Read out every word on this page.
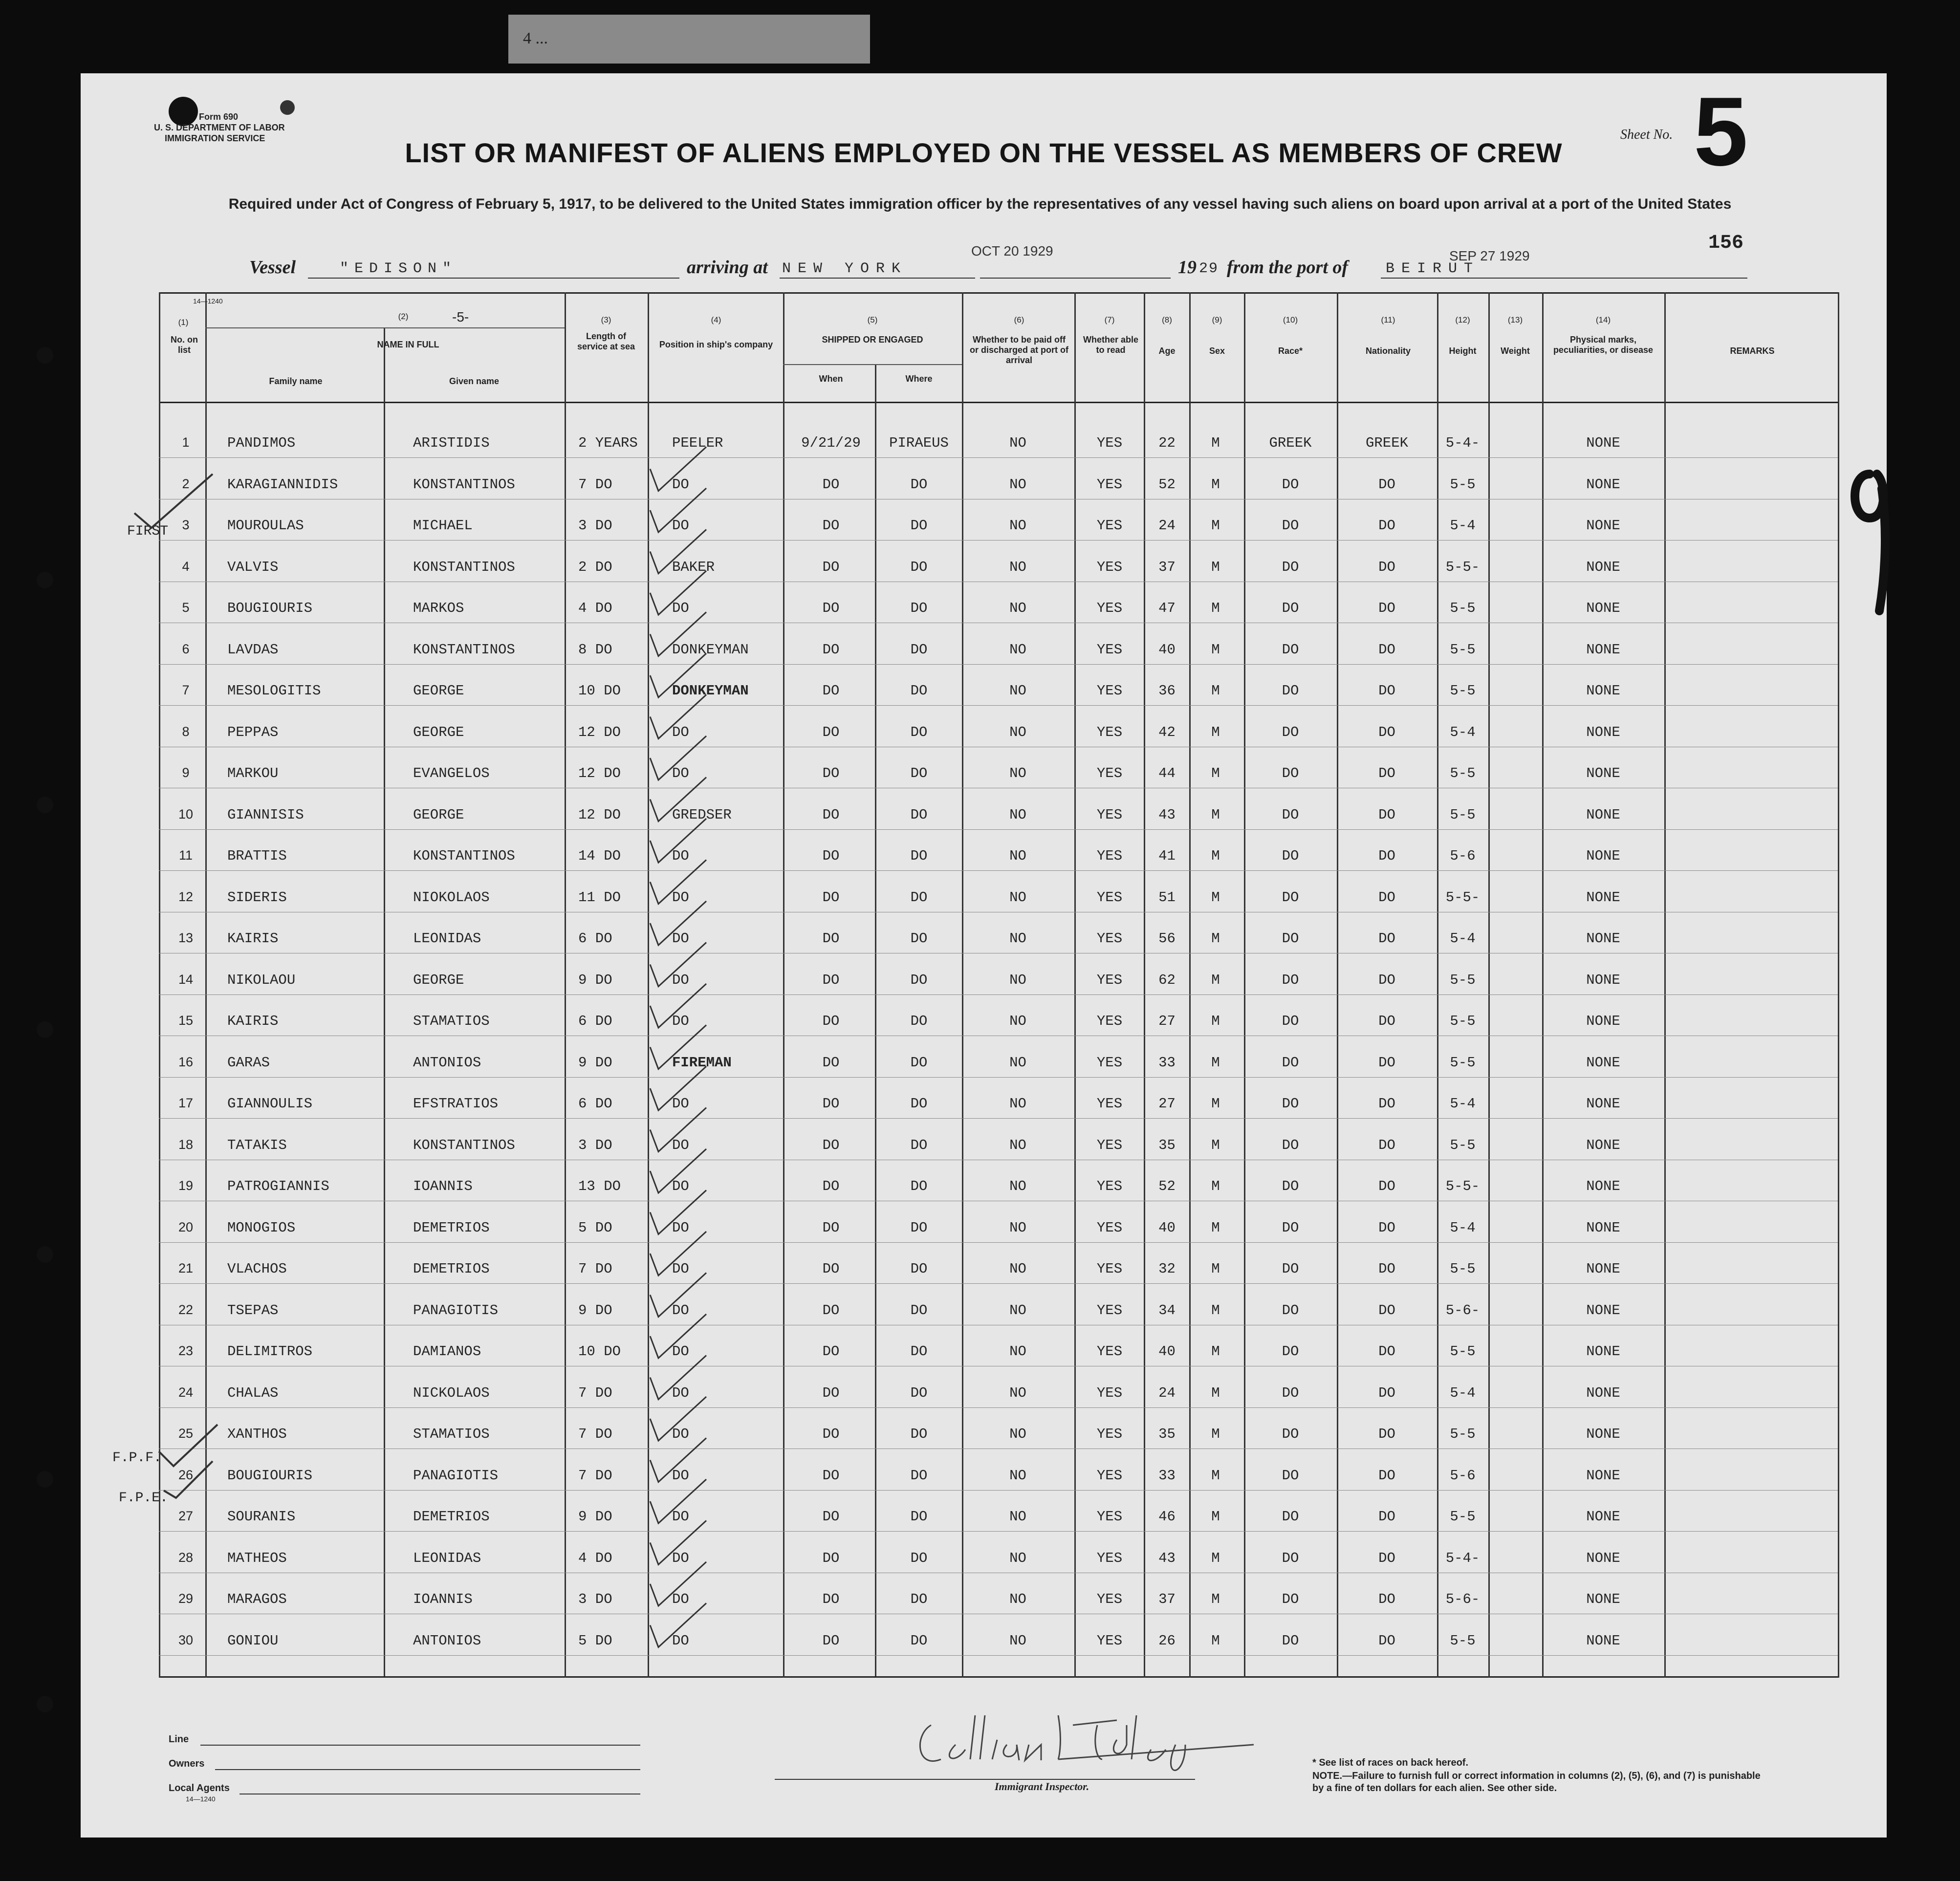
4 ...
Form 690
U. S. DEPARTMENT OF LABOR
IMMIGRATION SERVICE	LIST OR MANIFEST OF ALIENS EMPLOYED ON THE VESSEL AS MEMBERS OF CREW
Required under Act of Congress of February 5, 1917, to be delivered to the United States immigration officer by the representatives of any vessel having such aliens on board upon arrival at a port of the United States
Sheet No. 5
156
Vessel	"EDISON"	arriving at NEW YORK
OCT 20 1929
19 29 from the port of	BEIRUT
SEP 27 1929
14—1240
(1)
No. on list
(2)	-5-
NAME IN FULL
Family name	Given name
(3)
Length of service at sea
(4)
Position in ship's company
(5)
SHIPPED OR ENGAGED
When	Where
(6)
Whether to be paid off or discharged at port of arrival
(7)
Whether able to read
(8)
Age
(9)
Sex
(10)
Race*
(11)
Nationality
(12)
Height
(13)
Weight
(14)
Physical marks, peculiarities, or disease	REMARKS
1	PANDIMOS	ARISTIDIS	2 YEARS PEELER	9/21/29	PIRAEUS	NO	YES	22	M	GREEK	GREEK	5-4-	NONE
2	KARAGIANNIDIS	KONSTANTINOS	7 DO	DO	DO	DO	NO	YES	52	M	DO	DO	5-5	NONE
3	MOUROULAS	MICHAEL	3 DO	DO	DO	DO	NO	YES	24	M	DO	DO	5-4	NONE
4	VALVIS	KONSTANTINOS	2 DO	BAKER	DO	DO	NO	YES	37	M	DO	DO	5-5-	NONE
5	BOUGIOURIS	MARKOS	4 DO	DO	DO	DO	NO	YES	47	M	DO	DO	5-5	NONE
6	LAVDAS	KONSTANTINOS	8 DO	DONKEYMAN	DO	DO	NO	YES	40	M	DO	DO	5-5	NONE
7	MESOLOGITIS	GEORGE	10 DO	DONKEYMAN	DO	DO	NO	YES	36	M	DO	DO	5-5	NONE
8	PEPPAS	GEORGE	12 DO	DO	DO	DO	NO	YES	42	M	DO	DO	5-4	NONE
9	MARKOU	EVANGELOS	12 DO	DO	DO	DO	NO	YES	44	M	DO	DO	5-5	NONE
10	GIANNISIS	GEORGE	12 DO	GREDSER	DO	DO	NO	YES	43	M	DO	DO	5-5	NONE
11	BRATTIS	KONSTANTINOS	14 DO	DO	DO	DO	NO	YES	41	M	DO	DO	5-6	NONE
12	SIDERIS	NIOKOLAOS	11 DO	DO	DO	DO	NO	YES	51	M	DO	DO	5-5-	NONE
13	KAIRIS	LEONIDAS	6 DO	DO	DO	DO	NO	YES	56	M	DO	DO	5-4	NONE
14	NIKOLAOU	GEORGE	9 DO	DO	DO	DO	NO	YES	62	M	DO	DO	5-5	NONE
15	KAIRIS	STAMATIOS	6 DO	DO	DO	DO	NO	YES	27	M	DO	DO	5-5	NONE
16	GARAS	ANTONIOS	9 DO	FIREMAN	DO	DO	NO	YES	33	M	DO	DO	5-5	NONE
17	GIANNOULIS	EFSTRATIOS	6 DO	DO	DO	DO	NO	YES	27	M	DO	DO	5-4	NONE
18	TATAKIS	KONSTANTINOS	3 DO	DO	DO	DO	NO	YES	35	M	DO	DO	5-5	NONE
19	PATROGIANNIS	IOANNIS	13 DO	DO	DO	DO	NO	YES	52	M	DO	DO	5-5-	NONE
20	MONOGIOS	DEMETRIOS	5 DO	DO	DO	DO	NO	YES	40	M	DO	DO	5-4	NONE
21	VLACHOS	DEMETRIOS	7 DO	DO	DO	DO	NO	YES	32	M	DO	DO	5-5	NONE
22	TSEPAS	PANAGIOTIS	9 DO	DO	DO	DO	NO	YES	34	M	DO	DO	5-6-	NONE
23	DELIMITROS	DAMIANOS	10 DO	DO	DO	DO	NO	YES	40	M	DO	DO	5-5	NONE
24	CHALAS	NICKOLAOS	7 DO	DO	DO	DO	NO	YES	24	M	DO	DO	5-4	NONE
25	XANTHOS	STAMATIOS	7 DO	DO	DO	DO	NO	YES	35	M	DO	DO	5-5	NONE
26	BOUGIOURIS	PANAGIOTIS	7 DO	DO	DO	DO	NO	YES	33	M	DO	DO	5-6	NONE
27	SOURANIS	DEMETRIOS	9 DO	DO	DO	DO	NO	YES	46	M	DO	DO	5-5	NONE
28	MATHEOS	LEONIDAS	4 DO	DO	DO	DO	NO	YES	43	M	DO	DO	5-4-	NONE
29	MARAGOS	IOANNIS	3 DO	DO	DO	DO	NO	YES	37	M	DO	DO	5-6-	NONE
30	GONIOU	ANTONIOS	5 DO	DO	DO	DO	NO	YES	26	M	DO	DO	5-5	NONE
FIRST
F.P.F.
F.P.E.
Line
Owners
Local Agents
14—1240
Immigrant Inspector.
* See list of races on back hereof.
NOTE.—Failure to furnish full or correct information in columns (2), (5), (6), and (7) is punishable by a fine of ten dollars for each alien. See other side.
